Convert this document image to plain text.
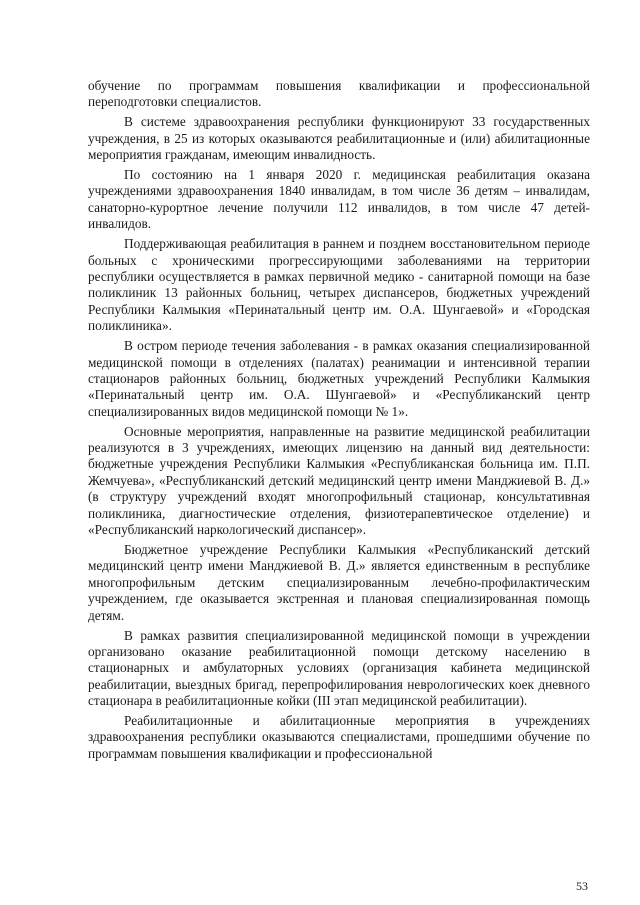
обучение по программам повышения квалификации и профессиональной переподготовки специалистов.

В системе здравоохранения республики функционируют 33 государственных учреждения, в 25 из которых оказываются реабилитационные и (или) абилитационные мероприятия гражданам, имеющим инвалидность.

По состоянию на 1 января 2020 г. медицинская реабилитация оказана учреждениями здравоохранения 1840 инвалидам, в том числе 36 детям – инвалидам, санаторно-курортное лечение получили 112 инвалидов, в том числе 47 детей-инвалидов.

Поддерживающая реабилитация в раннем и позднем восстановительном периоде больных с хроническими прогрессирующими заболеваниями на территории республики осуществляется в рамках первичной медико - санитарной помощи на базе поликлиник 13 районных больниц, четырех диспансеров, бюджетных учреждений Республики Калмыкия «Перинатальный центр им. О.А. Шунгаевой» и «Городская поликлиника».

В остром периоде течения заболевания - в рамках оказания специализированной медицинской помощи в отделениях (палатах) реанимации и интенсивной терапии стационаров районных больниц, бюджетных учреждений Республики Калмыкия «Перинатальный центр им. О.А. Шунгаевой» и «Республиканский центр специализированных видов медицинской помощи № 1».

Основные мероприятия, направленные на развитие медицинской реабилитации реализуются в 3 учреждениях, имеющих лицензию на данный вид деятельности: бюджетные учреждения Республики Калмыкия «Республиканская больница им. П.П. Жемчуева», «Республиканский детский медицинский центр имени Манджиевой В. Д.» (в структуру учреждений входят многопрофильный стационар, консультативная поликлиника, диагностические отделения, физиотерапевтическое отделение) и «Республиканский наркологический диспансер».

Бюджетное учреждение Республики Калмыкия «Республиканский детский медицинский центр имени Манджиевой В. Д.» является единственным в республике многопрофильным детским специализированным лечебно-профилактическим учреждением, где оказывается экстренная и плановая специализированная помощь детям.

В рамках развития специализированной медицинской помощи в учреждении организовано оказание реабилитационной помощи детскому населению в стационарных и амбулаторных условиях (организация кабинета медицинской реабилитации, выездных бригад, перепрофилирования неврологических коек дневного стационара в реабилитационные койки (III этап медицинской реабилитации).

Реабилитационные и абилитационные мероприятия в учреждениях здравоохранения республики оказываются специалистами, прошедшими обучение по программам повышения квалификации и профессиональной

53
